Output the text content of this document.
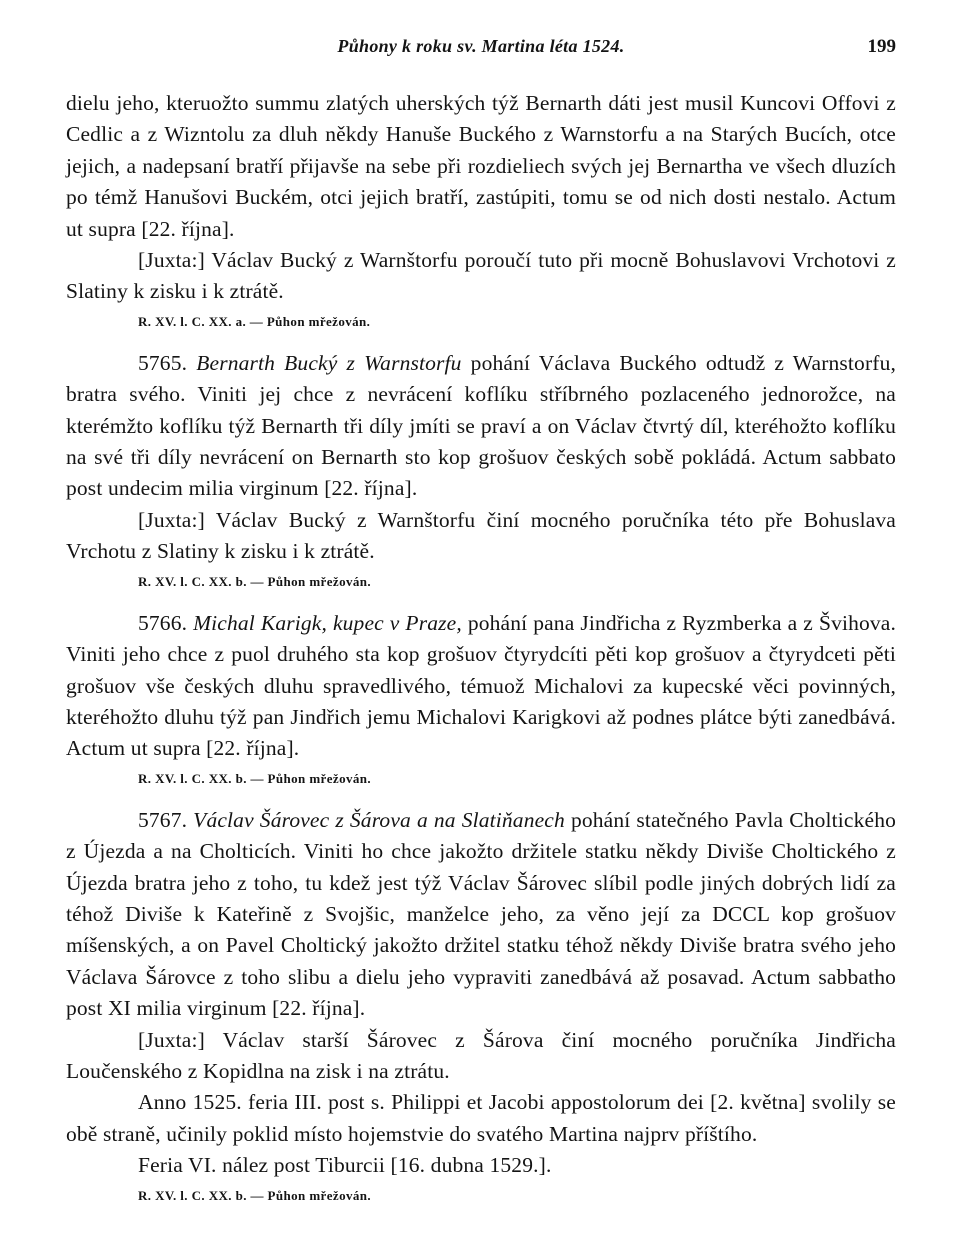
Půhony k roku sv. Martina léta 1524.	199

dielu jeho, kteruožto summu zlatých uherských týž Bernarth dáti jest musil Kuncovi Offovi z Cedlic a z Wizntolu za dluh někdy Hanuše Buckého z Warnstorfu a na Starých Bucích, otce jejich, a nadepsaní bratří přijavše na sebe při rozdieliech svých jej Bernartha ve všech dluzích po témž Hanušovi Buckém, otci jejich bratří, zastúpiti, tomu se od nich dosti nestalo. Actum ut supra [22. října].

[Juxta:] Václav Bucký z Warnštorfu poroučí tuto při mocně Bohuslavovi Vrchotovi z Slatiny k zisku i k ztrátě.

R. XV. l. C. XX. a. — Půhon mřežován.

5765. Bernarth Bucký z Warnstorfu pohání Václava Buckého odtudž z Warnstorfu, bratra svého. Viniti jej chce z nevrácení koflíku stříbrného pozlaceného jednorožce, na kterémžto koflíku týž Bernarth tři díly jmíti se praví a on Václav čtvrtý díl, kteréhožto koflíku na své tři díly nevrácení on Bernarth sto kop grošuov českých sobě pokládá. Actum sabbato post undecim milia virginum [22. října].

[Juxta:] Václav Bucký z Warnštorfu činí mocného poručníka této pře Bohuslava Vrchotu z Slatiny k zisku i k ztrátě.

R. XV. l. C. XX. b. — Půhon mřežován.

5766. Michal Karigk, kupec v Praze, pohání pana Jindřicha z Ryzmberka a z Švihova. Viniti jeho chce z puol druhého sta kop grošuov čtyrydcíti pěti kop grošuov a čtyrydceti pěti grošuov vše českých dluhu spravedlivého, témuož Michalovi za kupecské věci povinných, kteréhožto dluhu týž pan Jindřich jemu Michalovi Karigkovi až podnes plátce býti zanedbává. Actum ut supra [22. října].

R. XV. l. C. XX. b. — Půhon mřežován.

5767. Václav Šárovec z Šárova a na Slatiňanech pohání statečného Pavla Choltického z Újezda a na Cholticích. Viniti ho chce jakožto držitele statku někdy Diviše Choltického z Újezda bratra jeho z toho, tu kdež jest týž Václav Šárovec slíbil podle jiných dobrých lidí za téhož Diviše k Kateřině z Svojšic, manželce jeho, za věno její za DCCL kop grošuov míšenských, a on Pavel Choltický jakožto držitel statku téhož někdy Diviše bratra svého jeho Václava Šárovce z toho slibu a dielu jeho vypraviti zanedbává až posavad. Actum sabbatho post XI milia virginum [22. října].

[Juxta:] Václav starší Šárovec z Šárova činí mocného poručníka Jindřicha Loučenského z Kopidlna na zisk i na ztrátu.

Anno 1525. feria III. post s. Philippi et Jacobi appostolorum dei [2. května] svolily se obě straně, učinily poklid místo hojemstvie do svatého Martina najprv příštího.

Feria VI. nález post Tiburcii [16. dubna 1529.].

R. XV. l. C. XX. b. — Půhon mřežován.
